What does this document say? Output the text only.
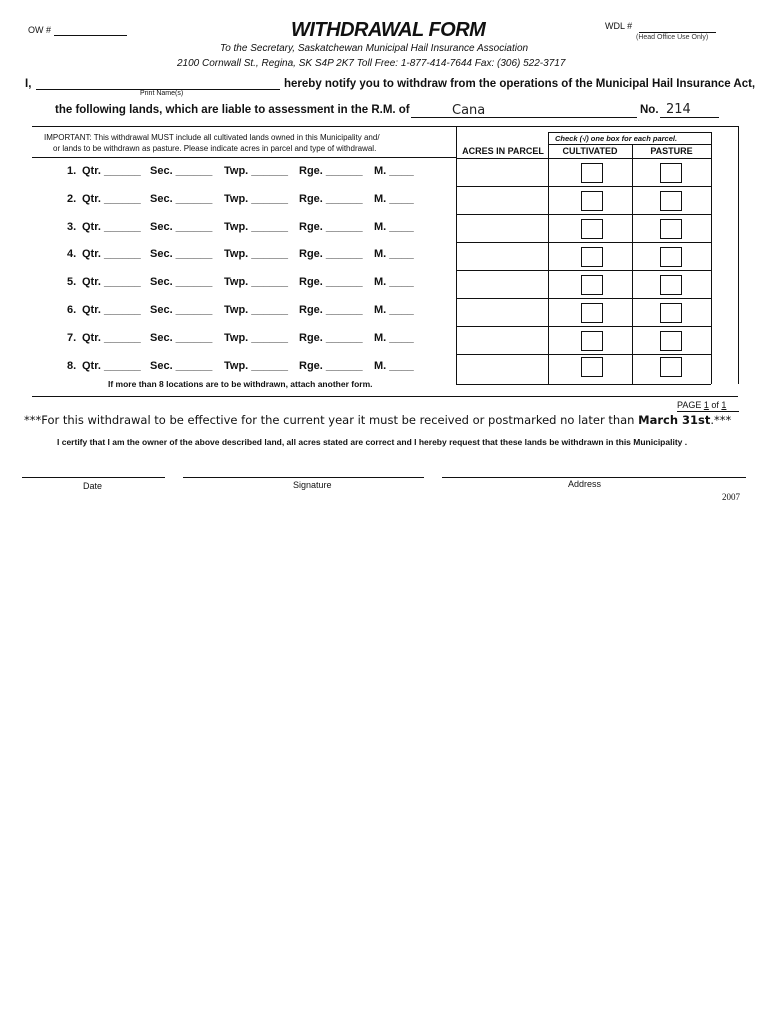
OW #	WITHDRAWAL FORM	WDL #
(Head Office Use Only)
To the Secretary, Saskatchewan Municipal Hail Insurance Association
2100 Cornwall St., Regina, SK S4P 2K7 Toll Free: 1-877-414-7644 Fax: (306) 522-3717
I,	hereby notify you to withdraw from the operations of the Municipal Hail Insurance Act,
Print Name(s)
the following lands, which are liable to assessment in the R.M. of	Cana	No. 214
IMPORTANT: This withdrawal MUST include all cultivated lands owned in this Municipality and/
or lands to be withdrawn as pasture. Please indicate acres in parcel and type of withdrawal.
Check (√) one box for each parcel.
ACRES IN PARCEL	CULTIVATED	PASTURE
1. Qtr. ______ Sec. ______ Twp. ______ Rge. ______ M. ____
2. Qtr. ______ Sec. ______ Twp. ______ Rge. ______ M. ____
3. Qtr. ______ Sec. ______ Twp. ______ Rge. ______ M. ____
4. Qtr. ______ Sec. ______ Twp. ______ Rge. ______ M. ____
5. Qtr. ______ Sec. ______ Twp. ______ Rge. ______ M. ____
6. Qtr. ______ Sec. ______ Twp. ______ Rge. ______ M. ____
7. Qtr. ______ Sec. ______ Twp. ______ Rge. ______ M. ____
8. Qtr. ______ Sec. ______ Twp. ______ Rge. ______ M. ____
If more than 8 locations are to be withdrawn, attach another form.
PAGE 1 of 1
***For this withdrawal to be effective for the current year it must be received or postmarked no later than March 31st.***
I certify that I am the owner of the above described land, all acres stated are correct and I hereby request that these lands be withdrawn in this Municipality .
Date	Signature	Address
2007
